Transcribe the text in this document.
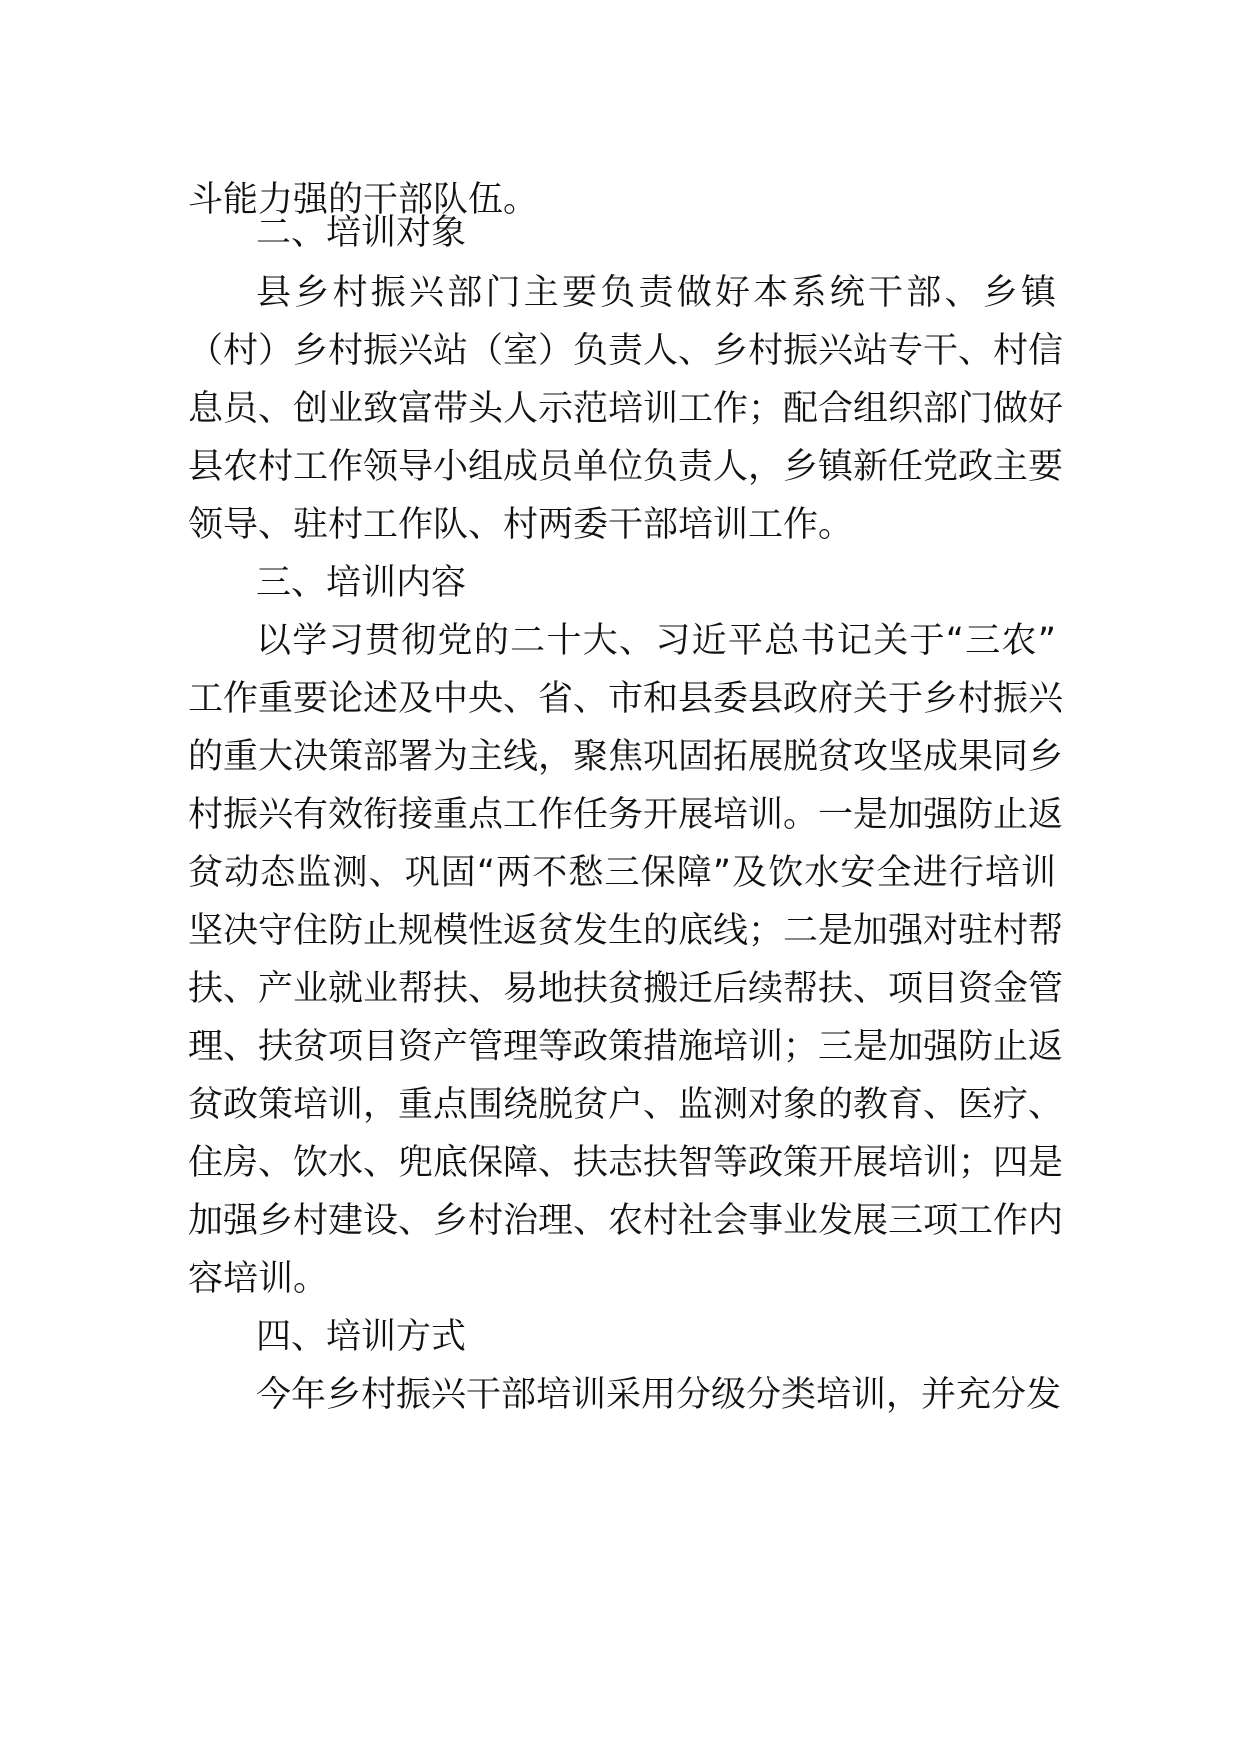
斗能力强的干部队伍。
二、培训对象
县乡村振兴部门主要负责做好本系统干部、乡镇
（村）乡村振兴站（室）负责人、乡村振兴站专干、村信
息员、创业致富带头人示范培训工作；配合组织部门做好
县农村工作领导小组成员单位负责人，乡镇新任党政主要
领导、驻村工作队、村两委干部培训工作。
三、培训内容
以学习贯彻党的二十大、习近平总书记关于“三农”
工作重要论述及中央、省、市和县委县政府关于乡村振兴
的重大决策部署为主线，聚焦巩固拓展脱贫攻坚成果同乡
村振兴有效衔接重点工作任务开展培训。一是加强防止返
贫动态监测、巩固“两不愁三保障”及饮水安全进行培训
坚决守住防止规模性返贫发生的底线；二是加强对驻村帮
扶、产业就业帮扶、易地扶贫搬迁后续帮扶、项目资金管
理、扶贫项目资产管理等政策措施培训；三是加强防止返
贫政策培训，重点围绕脱贫户、监测对象的教育、医疗、
住房、饮水、兜底保障、扶志扶智等政策开展培训；四是
加强乡村建设、乡村治理、农村社会事业发展三项工作内
容培训。
四、培训方式
今年乡村振兴干部培训采用分级分类培训，并充分发
